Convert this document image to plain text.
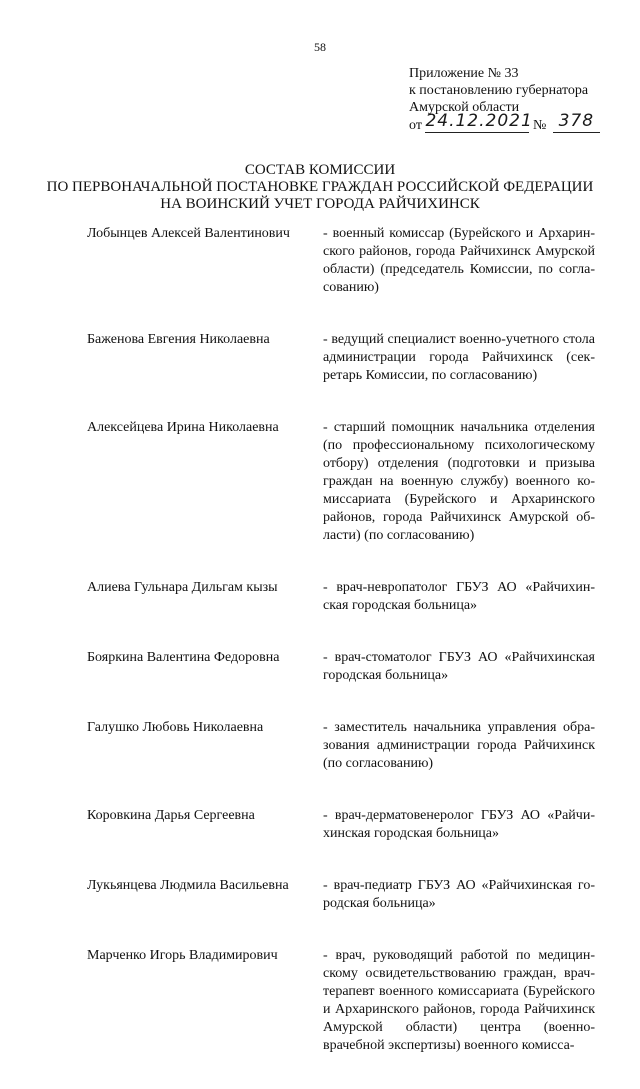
58
Приложение № 33
к постановлению губернатора
Амурской области
от 24.12.2021 № 378
СОСТАВ КОМИССИИ
ПО ПЕРВОНАЧАЛЬНОЙ ПОСТАНОВКЕ ГРАЖДАН РОССИЙСКОЙ ФЕДЕРАЦИИ
НА ВОИНСКИЙ УЧЕТ ГОРОДА РАЙЧИХИНСК
Лобынцев Алексей Валентинович	- военный комиссар (Бурейского и Архаринского районов, города Райчихинск Амурской области) (председатель Комиссии, по согласованию)
Баженова Евгения Николаевна	- ведущий специалист военно-учетного стола администрации города Райчихинск (секретарь Комиссии, по согласованию)
Алексейцева Ирина Николаевна	- старший помощник начальника отделения (по профессиональному психологическому отбору) отделения (подготовки и призыва граждан на военную службу) военного комиссариата (Бурейского и Архаринского районов, города Райчихинск Амурской области) (по согласованию)
Алиева Гульнара Дильгам кызы	- врач-невропатолог ГБУЗ АО «Райчихинская городская больница»
Бояркина Валентина Федоровна	- врач-стоматолог ГБУЗ АО «Райчихинская городская больница»
Галушко Любовь Николаевна	- заместитель начальника управления образования администрации города Райчихинск (по согласованию)
Коровкина Дарья Сергеевна	- врач-дерматовенеролог ГБУЗ АО «Райчихинская городская больница»
Лукьянцева Людмила Васильевна	- врач-педиатр ГБУЗ АО «Райчихинская городская больница»
Марченко Игорь Владимирович	- врач, руководящий работой по медицинскому освидетельствованию граждан, врач-терапевт военного комиссариата (Бурейского и Архаринского районов, города Райчихинск Амурской области) центра (военно-врачебной экспертизы) военного комисса-
